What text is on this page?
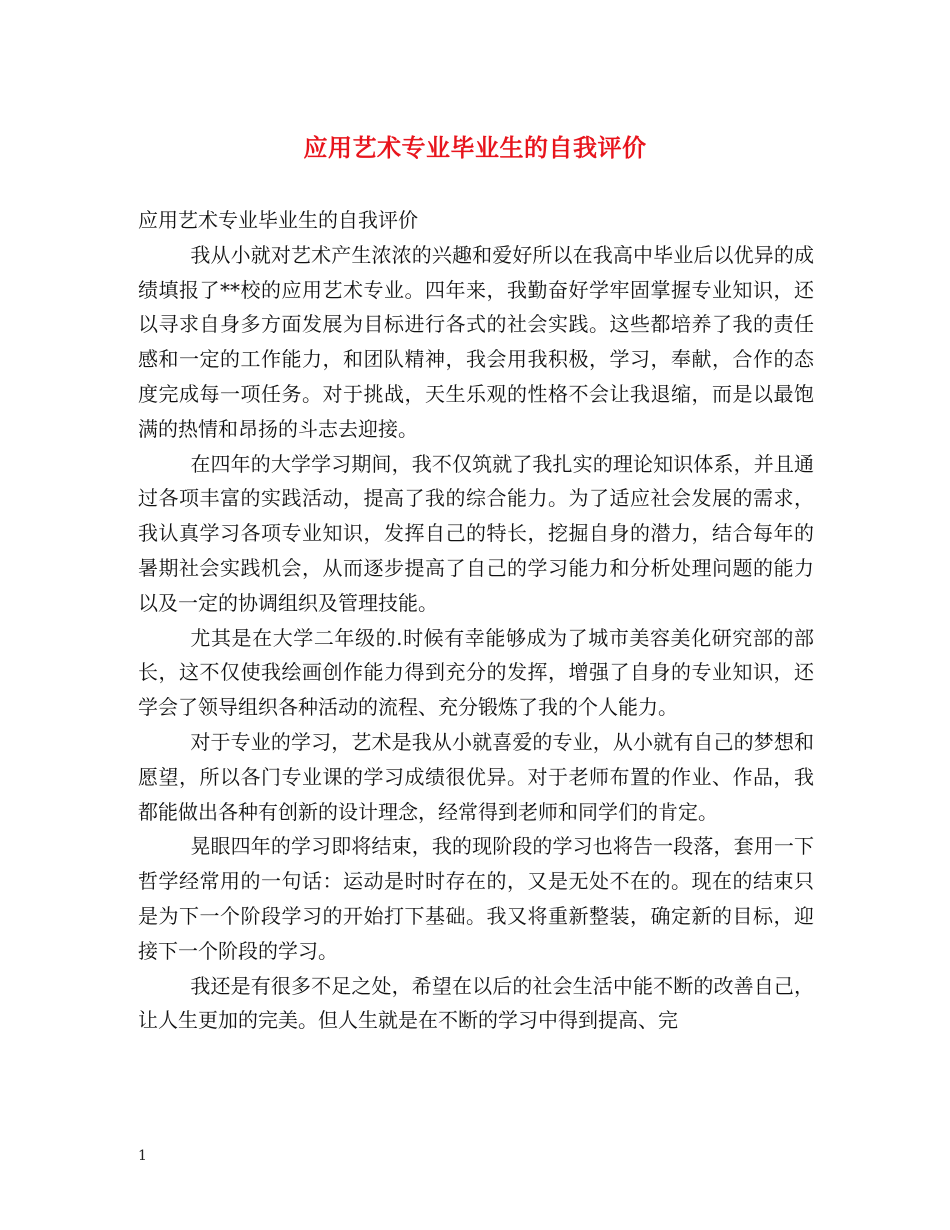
应用艺术专业毕业生的自我评价

应用艺术专业毕业生的自我评价

我从小就对艺术产生浓浓的兴趣和爱好所以在我高中毕业后以优异的成绩填报了**校的应用艺术专业。四年来，我勤奋好学牢固掌握专业知识，还以寻求自身多方面发展为目标进行各式的社会实践。这些都培养了我的责任感和一定的工作能力，和团队精神，我会用我积极，学习，奉献，合作的态度完成每一项任务。对于挑战，天生乐观的性格不会让我退缩，而是以最饱满的热情和昂扬的斗志去迎接。

在四年的大学学习期间，我不仅筑就了我扎实的理论知识体系，并且通过各项丰富的实践活动，提高了我的综合能力。为了适应社会发展的需求，我认真学习各项专业知识，发挥自己的特长，挖掘自身的潜力，结合每年的暑期社会实践机会，从而逐步提高了自己的学习能力和分析处理问题的能力以及一定的协调组织及管理技能。

尤其是在大学二年级的.时候有幸能够成为了城市美容美化研究部的部长，这不仅使我绘画创作能力得到充分的发挥，增强了自身的专业知识，还学会了领导组织各种活动的流程、充分锻炼了我的个人能力。

对于专业的学习，艺术是我从小就喜爱的专业，从小就有自己的梦想和愿望，所以各门专业课的学习成绩很优异。对于老师布置的作业、作品，我都能做出各种有创新的设计理念，经常得到老师和同学们的肯定。

晃眼四年的学习即将结束，我的现阶段的学习也将告一段落，套用一下哲学经常用的一句话：运动是时时存在的，又是无处不在的。现在的结束只是为下一个阶段学习的开始打下基础。我又将重新整装，确定新的目标，迎接下一个阶段的学习。

我还是有很多不足之处，希望在以后的社会生活中能不断的改善自己，让人生更加的完美。但人生就是在不断的学习中得到提高、完

1
